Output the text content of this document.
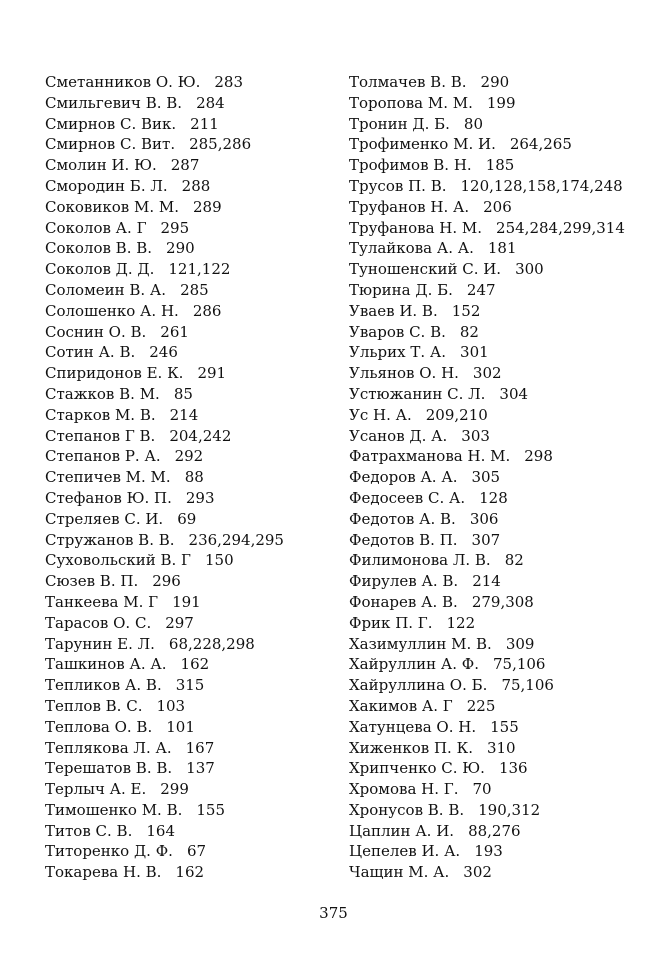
Сметанников О. Ю. 283
Смильгевич В. В. 284
Смирнов С. Вик. 211
Смирнов С. Вит. 285,286
Смолин И. Ю. 287
Смородин Б. Л. 288
Соковиков М. М. 289
Соколов А. Г 295
Соколов В. В. 290
Соколов Д. Д. 121,122
Соломеин В. А. 285
Солошенко А. Н. 286
Соснин О. В. 261
Сотин А. В. 246
Спиридонов Е. К. 291
Стажков В. М. 85
Старков М. В. 214
Степанов Г В. 204,242
Степанов Р. А. 292
Степичев М. М. 88
Стефанов Ю. П. 293
Стреляев С. И. 69
Стружанов В. В. 236,294,295
Суховольский В. Г 150
Сюзев В. П. 296
Танкеева М. Г 191
Тарасов О. С. 297
Тарунин Е. Л. 68,228,298
Ташкинов А. А. 162
Тепликов А. В. 315
Теплов В. С. 103
Теплова О. В. 101
Теплякова Л. А. 167
Терешатов В. В. 137
Терлыч А. Е. 299
Тимошенко М. В. 155
Титов С. В. 164
Титоренко Д. Ф. 67
Токарева Н. В. 162
Толмачев В. В. 290
Торопова М. М. 199
Тронин Д. Б. 80
Трофименко М. И. 264,265
Трофимов В. Н. 185
Трусов П. В. 120,128,158,174,248
Труфанов Н. А. 206
Труфанова Н. М. 254,284,299,314
Тулайкова А. А. 181
Туношенский С. И. 300
Тюрина Д. Б. 247
Уваев И. В. 152
Уваров С. В. 82
Ульрих Т. А. 301
Ульянов О. Н. 302
Устюжанин С. Л. 304
Ус Н. А. 209,210
Усанов Д. А. 303
Фатрахманова Н. М. 298
Федоров А. А. 305
Федосеев С. А. 128
Федотов А. В. 306
Федотов В. П. 307
Филимонова Л. В. 82
Фирулев А. В. 214
Фонарев А. В. 279,308
Фрик П. Г. 122
Хазимуллин М. В. 309
Хайруллин А. Ф. 75,106
Хайруллина О. Б. 75,106
Хакимов А. Г 225
Хатунцева О. Н. 155
Хиженков П. К. 310
Хрипченко С. Ю. 136
Хромова Н. Г. 70
Хронусов В. В. 190,312
Цаплин А. И. 88,276
Цепелев И. А. 193
Чащин М. А. 302
375
